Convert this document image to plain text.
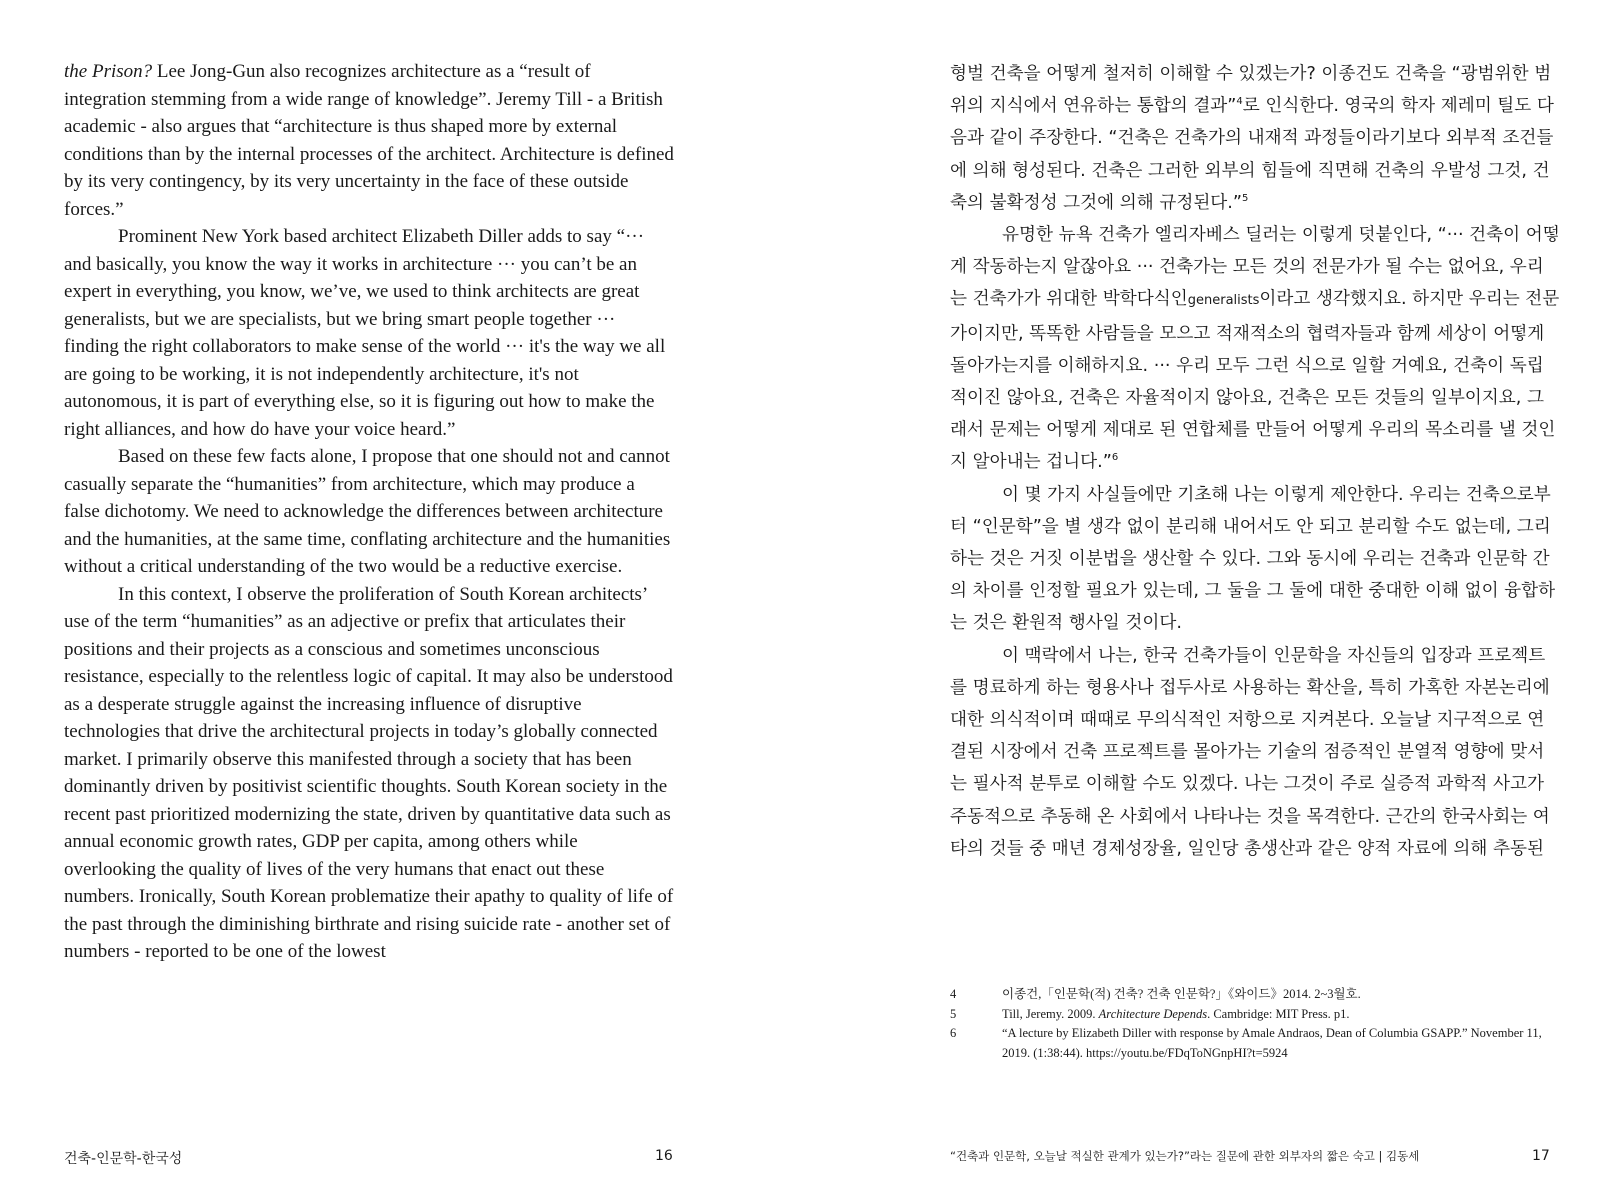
the Prison? Lee Jong-Gun also recognizes architecture as a “result of integration stemming from a wide range of knowledge”. Jeremy Till - a British academic - also argues that “architecture is thus shaped more by external conditions than by the internal processes of the architect. Architecture is defined by its very contingency, by its very uncertainty in the face of these outside forces.”

Prominent New York based architect Elizabeth Diller adds to say “··· and basically, you know the way it works in architecture ··· you can’t be an expert in everything, you know, we’ve, we used to think architects are great generalists, but we are specialists, but we bring smart people together ··· finding the right collaborators to make sense of the world ··· it's the way we all are going to be working, it is not independently architecture, it's not autonomous, it is part of everything else, so it is figuring out how to make the right alliances, and how do have your voice heard.”

Based on these few facts alone, I propose that one should not and cannot casually separate the “humanities” from architecture, which may produce a false dichotomy. We need to acknowledge the differences between architecture and the humanities, at the same time, conflating architecture and the humanities without a critical understanding of the two would be a reductive exercise.

In this context, I observe the proliferation of South Korean architects’ use of the term “humanities” as an adjective or prefix that articulates their positions and their projects as a conscious and sometimes unconscious resistance, especially to the relentless logic of capital. It may also be understood as a desperate struggle against the increasing influence of disruptive technologies that drive the architectural projects in today’s globally connected market. I primarily observe this manifested through a society that has been dominantly driven by positivist scientific thoughts. South Korean society in the recent past prioritized modernizing the state, driven by quantitative data such as annual economic growth rates, GDP per capita, among others while overlooking the quality of lives of the very humans that enact out these numbers. Ironically, South Korean problematize their apathy to quality of life of the past through the diminishing birthrate and rising suicide rate - another set of numbers - reported to be one of the lowest

건축-인문학-한국성	16

형벌 건축을 어떻게 철저히 이해할 수 있겠는가? 이종건도 건축을 “광범위한 범위의 지식에서 연유하는 통합의 결과”$^4$로 인식한다. 영국의 학자 제레미 틸도 다음과 같이 주장한다. “건축은 건축가의 내재적 과정들이라기보다 외부적 조건들에 의해 형성된다. 건축은 그러한 외부의 힘들에 직면해 건축의 우발성 그것, 건축의 불확정성 그것에 의해 규정된다.”$^5$

유명한 뉴욕 건축가 엘리자베스 딜러는 이렇게 덧붙인다, “··· 건축이 어떻게 작동하는지 알잖아요 ··· 건축가는 모든 것의 전문가가 될 수는 없어요, 우리는 건축가가 위대한 박학다식인generalists이라고 생각했지요. 하지만 우리는 전문가이지만, 똑똑한 사람들을 모으고 적재적소의 협력자들과 함께 세상이 어떻게 돌아가는지를 이해하지요. ··· 우리 모두 그런 식으로 일할 거예요, 건축이 독립적이진 않아요, 건축은 자율적이지 않아요, 건축은 모든 것들의 일부이지요, 그래서 문제는 어떻게 제대로 된 연합체를 만들어 어떻게 우리의 목소리를 낼 것인지 알아내는 겁니다.”$^6$

이 몇 가지 사실들에만 기초해 나는 이렇게 제안한다. 우리는 건축으로부터 “인문학”을 별 생각 없이 분리해 내어서도 안 되고 분리할 수도 없는데, 그리하는 것은 거짓 이분법을 생산할 수 있다. 그와 동시에 우리는 건축과 인문학 간의 차이를 인정할 필요가 있는데, 그 둘을 그 둘에 대한 중대한 이해 없이 융합하는 것은 환원적 행사일 것이다.

이 맥락에서 나는, 한국 건축가들이 인문학을 자신들의 입장과 프로젝트를 명료하게 하는 형용사나 접두사로 사용하는 확산을, 특히 가혹한 자본논리에 대한 의식적이며 때때로 무의식적인 저항으로 지켜본다. 오늘날 지구적으로 연결된 시장에서 건축 프로젝트를 몰아가는 기술의 점증적인 분열적 영향에 맞서는 필사적 분투로 이해할 수도 있겠다. 나는 그것이 주로 실증적 과학적 사고가 주동적으로 추동해 온 사회에서 나타나는 것을 목격한다. 근간의 한국사회는 여타의 것들 중 매년 경제성장율, 일인당 총생산과 같은 양적 자료에 의해 추동된

4	이종건,「인문학(적) 건축? 건축 인문학?」《와이드》2014. 2~3월호.
5	Till, Jeremy. 2009. Architecture Depends. Cambridge: MIT Press. p1.
6	“A lecture by Elizabeth Diller with response by Amale Andraos, Dean of Columbia GSAPP.” November 11, 2019. (1:38:44). https://youtu.be/FDqToNGnpHI?t=5924
“건축과 인문학, 오늘날 적실한 관계가 있는가?”라는 질문에 관한 외부자의 짧은 숙고 | 김동세	17
